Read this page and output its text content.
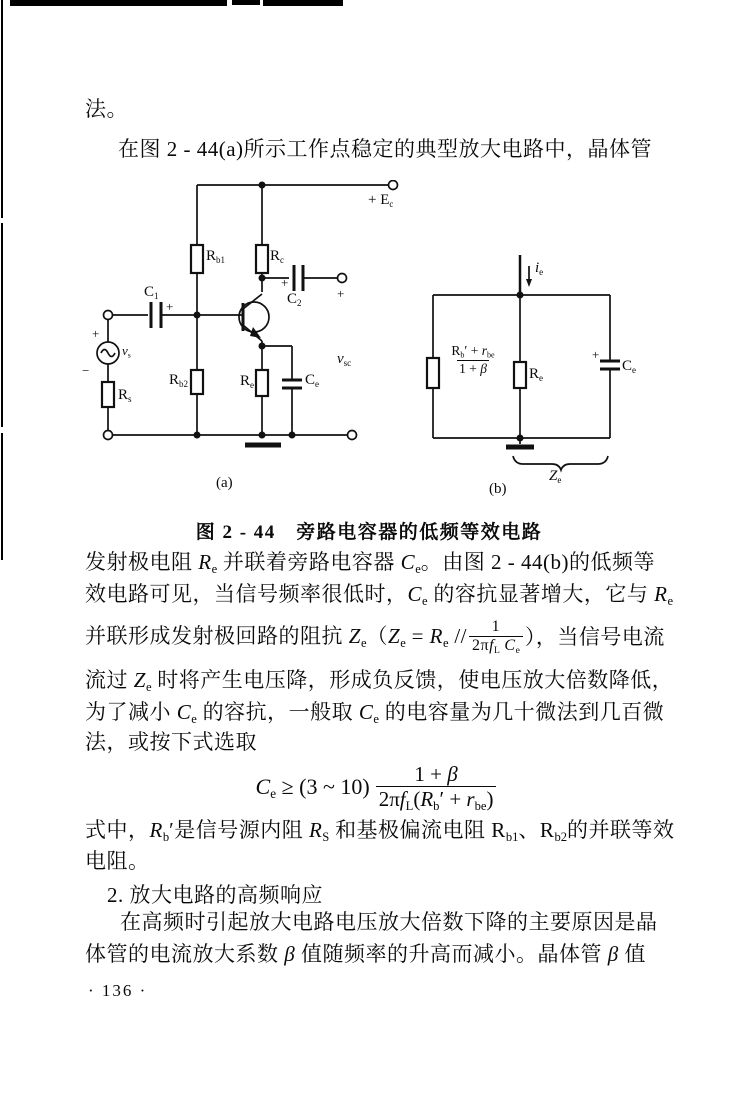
法。
在图 2 - 44(a)所示工作点稳定的典型放大电路中，晶体管
+ $E_c$
$R_{b1}$	$R_c$
+
$C_2$
+
$C_1$
+
+
$v_s$
−
$R_s$
$R_{b2}$	$R_e$	$C_e$
$v_{sc}$
(a)
$i_e$
$R_b' + r_{be}$
1 + β	$R_e$
+
$C_e$
$Z_e$
(b)
图 2 - 44　旁路电容器的低频等效电路
发射极电阻 $R_e$ 并联着旁路电容器 $C_e$。由图 2 - 44(b)的低频等
效电路可见，当信号频率很低时，$C_e$ 的容抗显著增大，它与 $R_e$
并联形成发射极回路的阻抗 $Z_e(Z_e = R_e // \frac{1}{2\pi f_L C_e}$ ），当信号电流
流过 $Z_e$ 时将产生电压降，形成负反馈，使电压放大倍数降低，
为了减小 $C_e$ 的容抗，一般取 $C_e$ 的电容量为几十微法到几百微
法，或按下式选取
$C_e \ge (3$ ~ $10) \frac{1 + \beta}{2\pi f_L(R_b' + r_{be})}$
式中，$R_b'$是信号源内阻 $R_S$ 和基极偏流电阻 $R_{b1}$、$R_{b2}$的并联等效
电阻。
2. 放大电路的高频响应
在高频时引起放大电路电压放大倍数下降的主要原因是晶
体管的电流放大系数 β 值随频率的升高而减小。晶体管 β 值
· 136 ·
